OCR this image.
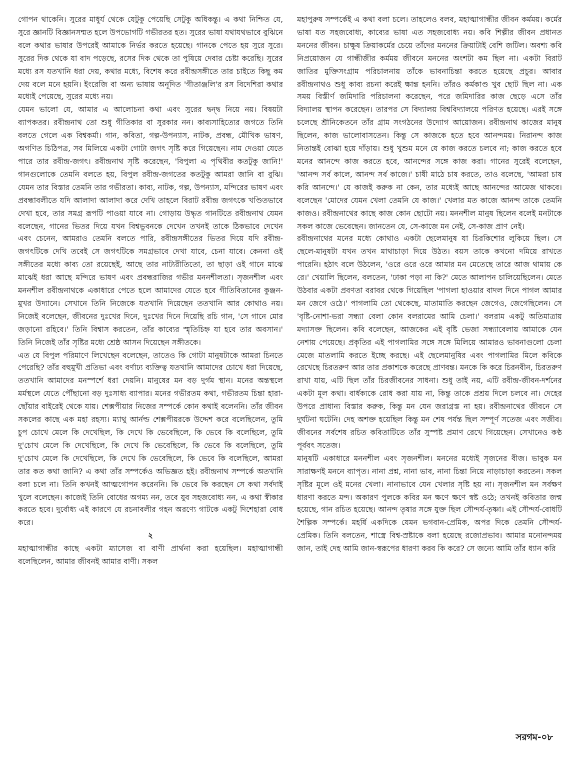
গোপন থাকেনি। সুরের মাধুর্য থেকে যেটুকু পেয়েছি সেটুকু অধিকন্তু। এ কথা নিশ্চিত যে, সুরে জ্ঞানটি বিজ্ঞানসম্মত হলে উপভোগটি গভীরতর হত। সুরের ভাষা যথাযথভাবে বুঝিনে বলে কথার ভাষার উপরেই আমাকে নির্ভর করতে হয়েছে। গানকে পেতে হয় সুরে সুরে। সুরের দিক থেকে যা বাদ পড়েছে, রসের দিক থেকে তা পুষিয়ে দেবার চেষ্টা করেছি। সুরের মধ্যে রস যতখানি ধরা দেয়, কথার মধ্যে, বিশেষ করে রবীন্দ্রসঙ্গীতে তার চাইতে কিছু কম দেয় বলে মনে হয়নি। ইংরেজি বা অন্য ভাষায় অনূদিত 'গীতাঞ্জলি'র রস বিদেশিরা কথার মধ্যেই পেয়েছে, সুরের মধ্যে নয়।

যেমন ভালো যে, আমার এ আলোচনা কথা এবং সুরের দ্বন্দ্ব নিয়ে নয়। বিষয়টা ব্যাপকতর। রবীন্দ্রনাথ তো শুধু গীতিকার বা সুরকার নন। কাব্যসাহিত্যের জগতে তিনি বলতে গেলে এক বিশ্বকর্মা। গান, কবিতা, গল্প-উপন্যাস, নাটক, প্রবন্ধ, মৌখিক ভাষণ, অগণিত চিঠিপত্র, সব মিলিয়ে একটা গোটা জগৎ সৃষ্টি করে গিয়েছেন। নাম দেওয়া যেতে পারে তার রবীন্দ্র-জগৎ। রবীন্দ্রনাথ সৃষ্টি করেছেন, 'বিপুলা এ পৃথিবীর কতটুকু জানি!' গানগুলোকে তেমনি বলতে হয়, বিপুল রবীন্দ্র-জগতের কতটুকু আমরা জানি বা বুঝি। যেমন তার বিস্তার তেমনি তার গভীরতা। কাব্য, নাটক, গল্প, উপন্যাস, মন্দিরের ভাষণ এবং প্রবন্ধাবলীতে যদি আলাদা আলাদা করে দেখি তাহলে বিরাট রবীন্দ্র জগৎকে খণ্ডিতভাবে দেখা হবে, তার সমগ্র রূপটি পাওয়া যাবে না। গোড়ায় উদ্ধৃত গানটিতে রবীন্দ্রনাথ যেমন বলেছেন, গানের ভিতর দিয়ে যখন বিশ্বভুবনকে দেখেন তখনই তাকে ঠিকভাবে দেখেন এবং চেনেন, আমরাও তেমনি বলতে পারি, রবীন্দ্রসঙ্গীতের ভিতর দিয়ে যদি রবীন্দ্র-জগৎটিকে দেখি তবেই সে জগৎটিকে সমগ্রভাবে দেখা যাবে, চেনা যাবে। কেননা ওই সঙ্গীতের মধ্যে কাব্য তো রয়েছেই, আছে তার নাট্যরীতিতো, তা ছাড়া ওই গানে মাঝে মাঝেই ধরা আছে মন্দিরে ভাষণ এবং প্রবন্ধরাজির গভীর মননশীলতা। সৃজনশীল এবং মননশীল রবীন্দ্রনাথকে একাধারে পেতে হলে আমাদের যেতে হবে গীতিবিতানের কুঞ্জন-মুখর উদ্যানে। সেখানে তিনি নিজেকে যতখানি দিয়েছেন ততখানি আর কোথাও নয়। নিজেই বলেছেন, জীবনের দুঃখের দিনে, দুঃখের দিনে দিয়েছি রচি গান, 'সে গানে মোর জড়ানো রহিবে।' তিনি বিশ্বাস করতেন, তাঁর কাব্যের স্মৃতিচিহ্ন যা হবে তার অবসান।' তিনি নিজেই তাঁর সৃষ্টির মধ্যে শ্রেষ্ঠ আসন দিয়েছেন সঙ্গীতকে।

এত যে বিপুল পরিমাণে লিখেছেন বলেছেন, তাতেও কি গোটা মানুষটাকে আমরা চিনতে পেরেছি? তাঁর বহুমুখী প্রতিভা এবং বর্ণাঢ্য ব্যক্তিত্ব যতখানি আমাদের চোখে ধরা দিয়েছে, ততখানি আমাদের মনস্পর্শে ধরা দেয়নি। মানুষের মন বড় দুর্গম স্থান। মনের অন্তস্থলে মর্মস্থলে যেতে পৌঁছানো বড় দুঃসাধ্য ব্যাপার। মনের গভীরতম কথা, গভীরতম চিন্তা হারা-ছোঁয়ার বাইরেই থেকে যায়। শেক্সপীয়ার নিজের সম্পর্কে কোন কথাই বলেননি। তাঁর জীবন সকলের কাছে এক মহা রহস্য। ম্যাথু আর্নল্ড শেক্সপীয়রকে উদ্দেশ করে বলেছিলেন, তুমি চুপ চোখে মেলে কি দেখেছিল, কি দেখে কি ভেবেছিলে, কি ভেবে কি বলেছিলে, তুমি দু'চোখ মেলে কি দেখেছিলে, কি দেখে কি ভেবেছিলে, কি ভেবে কি বলেছিলে, তুমি দু'চোখ মেলে কি দেখেছিলে, কি দেখে কি ভেবেছিলে, কি ভেবে কি বলেছিলে, আমরা তার কত কথা জানি? এ কথা তাঁর সম্পর্কেও অভিজ্ঞত হই। রবীন্দ্রনাথ সম্পর্কে অতখানি বলা চলে না। তিনি কখনই আত্মগোপন করেননি। কি ভেবে কি করছেন সে কথা সর্বদাই খুলে বলেছেন। কাজেই তিনি বোধের অগম্য নন, তবে যুব সহজবোধ্য নন, এ কথা স্বীকার করতে হবে। দুর্বোধ্য এই কারণে যে রচনাবলীর গহন অরণ্যে গাটকে একটু দিশেহারা বোধ করে।

২

মহাত্মাগান্ধীর কাছে একটা ম্যাসেজ বা বাণী প্রার্থনা করা হয়েছিল। মহাত্মাগান্ধী বলেছিলেন, আমার জীবনই আমার বাণী। সকল

মহাপুরুষ সম্পর্কেই এ কথা বলা চলে। তাহলেও বলব, মহাত্মাগান্ধীর জীবন কর্মময়। কর্মের ভাষা যত সহজবোধ্য, কাব্যের ভাষা এত সহজবোধ্য নয়। কবি শিল্পীর জীবন প্রধানত মননের জীবন। চাক্ষুষ ক্রিয়াকর্মের চেয়ে তাঁদের মননের ক্রিয়াটাই বেশি জটিল। অবশ্য কবি নিপ্রয়োজন যে গান্ধীজীর কর্মময় জীবনে মননের অংশটা কম ছিল না। একটা বিরাট জাতির মুক্তিসংগ্রাম পরিচালনায় তাঁকে ভাবনাচিন্তা করতে হয়েছে প্রচুর। আবার রবীন্দ্রনাথও শুধু কাব্য রচনা করেই ক্ষান্ত হননি। তাঁরও কর্মকাণ্ড খুব ছোট ছিল না। এক সময় বিস্তীর্ণ জমিদারি পরিচালনা করেছেন, পরে জমিদারির কাজ ছেড়ে এসে তাঁর বিদ্যালয় স্থাপন করেছেন। তারপর সে বিদ্যালয় বিশ্ববিদ্যালয়ে পরিণত হয়েছে। এরই সঙ্গে চলেছে শ্রীনিকেতনে তাঁর গ্রাম সংগঠনের উদ্যোগ আয়োজন। রবীন্দ্রনাথ কাজের মানুষ ছিলেন, কাজ ভালোবাসতেন। কিন্তু সে কাজকে হতে হবে আনন্দময়। নিরানন্দ কাজ নিতান্তই বোঝা হয়ে দাঁড়ায়। শুধু খুশুম মনে যে কাজ করতে চলবে না; কাজ করতে হবে মনের আনন্দে কাজ করতে হবে, আনন্দের সঙ্গে কাজ করা। গানের সুরেই বলেছেন, 'আনন্দ সর্ব কালে, আনন্দ সর্ব কাজে।' চাষী মাঠে চাষ করতে, তাও বলেছে, 'আমরা চাষ করি আনন্দে।' যে কাজই করুক না কেন, তার মধ্যেই আছে আনন্দের আমেজ থাকবে। বলেছেন 'মোদের যেমন খেলা তেমনি যে কাজ।' খেলার মত কাজে আনন্দ তাকে তেমনি কাজও। রবীন্দ্রনাথের কাছে কাজ কোন ছোটো নয়। মননশীল মানুষ ছিলেন বলেই মনটাকে সকল কাজে ভেবেছেন। জানতেন যে, সে-কাজে মন নেই, সে-কাজ প্রাণ নেই।

রবীন্দ্রনাথের মনের মধ্যে কোথাও একটা ছেলেমানুষ যা চিরকিশোর লুকিয়ে ছিল। সে ছেলে-মানুষটা যখন তখন মাথাচাড়া দিয়ে উঠত। বয়স তাকে কখনো দমিয়ে রাখতে পারেনি। হঠাৎ বলে উঠলেন, 'ওরে ওরে ওরে আমার মন মেতেছে তারে আজ থামায় কে রে।' খেয়ালি ছিলেন, বলতেন, 'ঢাকা পড়া না কি?' মেতে আলাপন চালিয়েছিলেন। মেতে উঠবার একটা প্রবণতা বরাবর থেকে গিয়েছিল 'পাগলা হাওয়ার বাদল দিনে পাগল আমার মন জেগে ওঠে।' পাগলামি তো থেকেছে, মাতামাতি করছেন জেগেও, জেগেছিলেন। সে 'বৃষ্টি-নোশা-ভরা সন্ধ্যা বেলা কোন বলরামের আমি চেলা।' বলরাম একটু অতিমাত্রায় মদ্যাসক্ত ছিলেন। কবি বলেছেন, আজকের এই বৃষ্টি ভেজা সন্ধ্যাবেলায় আমাকে যেন নেশায় পেয়েছে। প্রকৃতির এই পাগলামির সঙ্গে সঙ্গে মিলিয়ে আমারও ভাবনাগুলো চেলা মেজে মাতলামি করতে ইচ্ছে করছে। এই ছেলেমানুষির এবং পাগলামির মিলে কবিকে রেখেছে চিরতরুণ আর তার প্রকাশকে করেছে প্রাণবন্ত। মনকে কি করে চিরনবীন, চিরতরুণ রাখা যায়, এটি ছিল তাঁর চিরজীবনের সাধনা। শুধু তাই নয়, এটি রবীন্দ্র-জীবন-দর্শনের একটা মূল কথা। বার্ধক্যকে রোধ করা যায় না, কিন্তু তাকে প্রশ্রয় দিলে চলবে না। দেহের উপরে প্রাধান্য বিস্তার করুক, কিন্তু মন যেন জরাগ্রস্ত না হয়। রবীন্দ্রনাথের জীবনে সে দুর্ঘটনা ঘটেনি। দেহ অশক্ত হয়েছিল কিন্তু মন শেষ পর্যন্ত ছিল সম্পূর্ণ সতেজ এবং সজীব। জীবনের সর্বশেষ রচিত কবিতাটিতে তাঁর সুস্পষ্ট প্রমাণ রেখে গিয়েছেন। সেখানেও কণ্ঠ পূর্ববৎ সতেজ।

মানুষটি একাধারে মননশীল এবং সৃজনশীল। মননের মধ্যেই সৃজনের বীজ। ভাবুক মন সারাক্ষণই মননে ব্যাপৃত। নানা প্রশ্ন, নানা ভাব, নানা চিন্তা নিয়ে নাড়াচাড়া করতেন। সকল সৃষ্টির মূলে ওই মনের খেলা। নানাভাবে যেন খেলার সৃষ্টি হয় না। সৃজনশীল মন সর্বক্ষণ ধারণা করতে মন্দ। অকারণ পুলকে কবির মন ক্ষণে ক্ষণে স্বষ্ট ওঠে; তখনই কবিতার জন্ম হয়েছে, গান রচিত হয়েছে। আনন্দ তৃষার সঙ্গে যুক্ত ছিল সৌন্দর্য-তৃষ্ণা। এই সৌন্দর্য-বোধটি শৈল্পিক সম্পর্কে। মহর্ষি একদিকে যেমন ভগবান-প্রেমিক, অপর দিকে তেমনি সৌন্দর্য-প্রেমিক। তিনি বলতেন, শাস্ত্রে বিশ্ব-স্রষ্টাকে বলা হয়েছে রজোপ্রভাব। আমার মনোনন্দময় জান, তাই দেহ আমি জান-স্বরূপের ধারণা করব কি করে? সে জন্যে আমি তাঁর ধ্যান করি

সরগম-০৮
